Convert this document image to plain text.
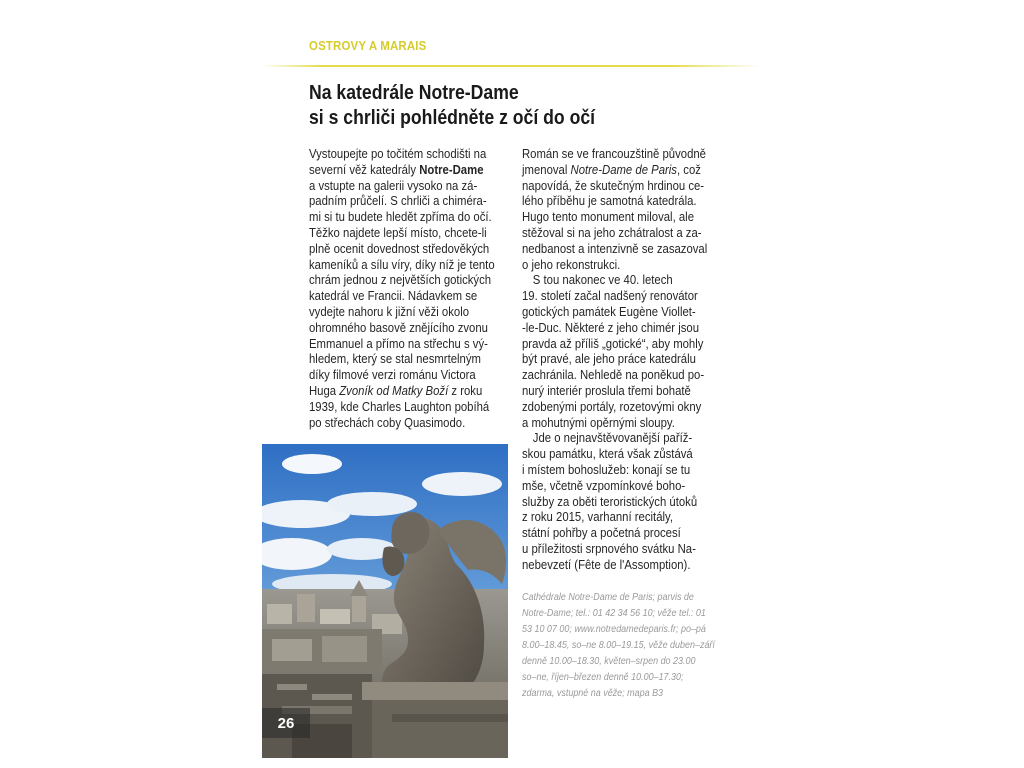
OSTROVY A MARAIS
Na katedrále Notre-Dame
si s chrliči pohlédněte z očí do očí
Vystoupejte po točitém schodišti na
severní věž katedrály Notre-Dame
a vstupte na galerii vysoko na zá-
padním průčelí. S chrliči a chiméra-
mi si tu budete hledět zpříma do očí.
Těžko najdete lepší místo, chcete-li
plně ocenit dovednost středověkých
kameníků a sílu víry, díky níž je tento
chrám jednou z největších gotických
katedrál ve Francii. Nádavkem se
vydejte nahoru k jižní věži okolo
ohromného basově znějícího zvonu
Emmanuel a přímo na střechu s vý-
hledem, který se stal nesmrtelným
díky filmové verzi románu Victora
Huga Zvoník od Matky Boží z roku
1939, kde Charles Laughton pobíhá
po střechách coby Quasimodo.
Román se ve francouzštině původně
jmenoval Notre-Dame de Paris, což
napovídá, že skutečným hrdinou ce-
lého příběhu je samotná katedrála.
Hugo tento monument miloval, ale
stěžoval si na jeho zchátralost a za-
nedbanost a intenzivně se zasazoval
o jeho rekonstrukci.
S tou nakonec ve 40. letech
19. století začal nadšený renovátor
gotických památek Eugène Viollet-
-le-Duc. Některé z jeho chimér jsou
pravda až příliš „gotické“, aby mohly
být pravé, ale jeho práce katedrálu
zachránila. Nehledě na poněkud po-
nurý interiér proslula třemi bohatě
zdobenými portály, rozetovými okny
a mohutnými opěrnými sloupy.
Jde o nejnavštěvovanější paříž-
skou památku, která však zůstává
i místem bohoslužeb: konají se tu
mše, včetně vzpomínkové boho-
služby za oběti teroristických útoků
z roku 2015, varhanní recitály,
státní pohřby a početná procesí
u příležitosti srpnového svátku Na-
nebevzetí (Fête de l'Assomption).
Cathédrale Notre-Dame de Paris; parvis de
Notre-Dame; tel.: 01 42 34 56 10; věže tel.: 01
53 10 07 00; www.notredamedeparis.fr; po–pá
8.00–18.45, so–ne 8.00–19.15, věže duben–září
denně 10.00–18.30, květen–srpen do 23.00
so–ne, říjen–březen denně 10.00–17.30;
zdarma, vstupné na věže; mapa B3
26
